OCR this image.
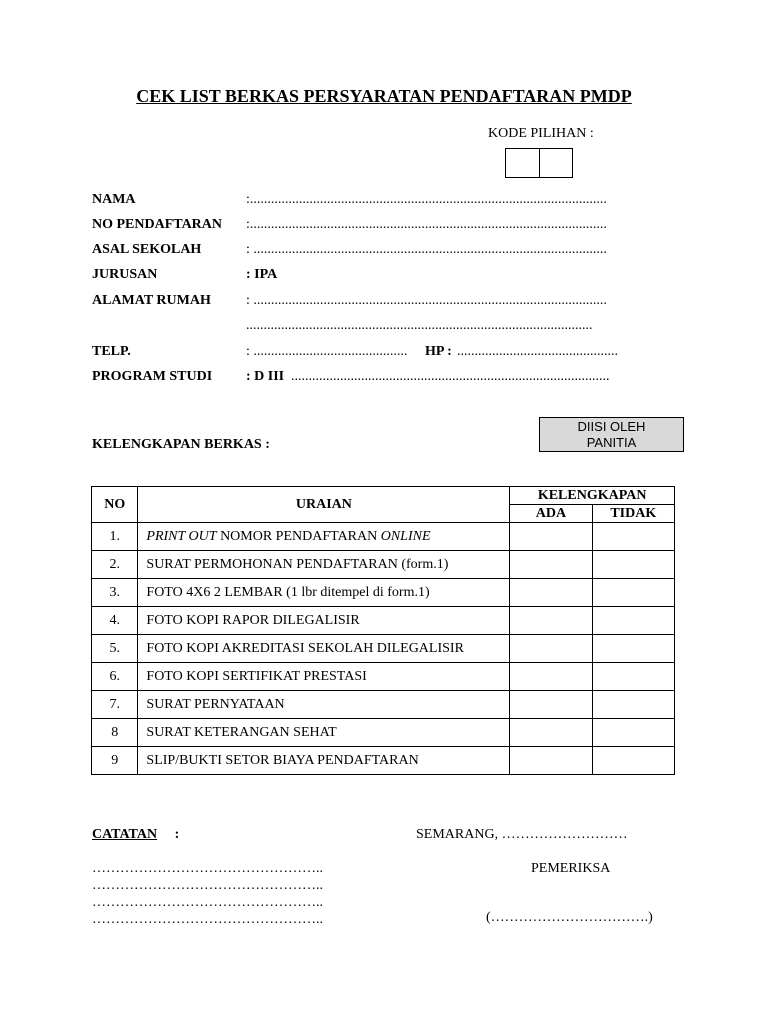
CEK LIST BERKAS PERSYARATAN PENDAFTARAN PMDP
KODE PILIHAN :
NAMA	:......................................................................................................
NO PENDAFTARAN :......................................................................................................
ASAL SEKOLAH	: .....................................................................................................
JURUSAN	: IPA
ALAMAT RUMAH	: .....................................................................................................
...................................................................................................
TELP.	: ............................................	HP : ..............................................
PROGRAM STUDI : D III ...........................................................................................
DIISI OLEH
PANITIA
KELENGKAPAN BERKAS :
NO	URAIAN	KELENGKAPAN	
		ADA	TIDAK
1.	PRINT OUT NOMOR PENDAFTARAN ONLINE		
2.	SURAT PERMOHONAN PENDAFTARAN (form.1)		
3.	FOTO 4X6 2 LEMBAR (1 lbr ditempel di form.1)		
4.	FOTO KOPI RAPOR DILEGALISIR		
5.	FOTO KOPI AKREDITASI SEKOLAH DILEGALISIR		
6.	FOTO KOPI SERTIFIKAT PRESTASI		
7.	SURAT PERNYATAAN		
8	SURAT KETERANGAN SEHAT		
9	SLIP/BUKTI SETOR BIAYA PENDAFTARAN		
CATATAN :	SEMARANG, ………………………
PEMERIKSA
…………………………………………..
…………………………………………..
…………………………………………..
…………………………………………..	(…………………………….)
